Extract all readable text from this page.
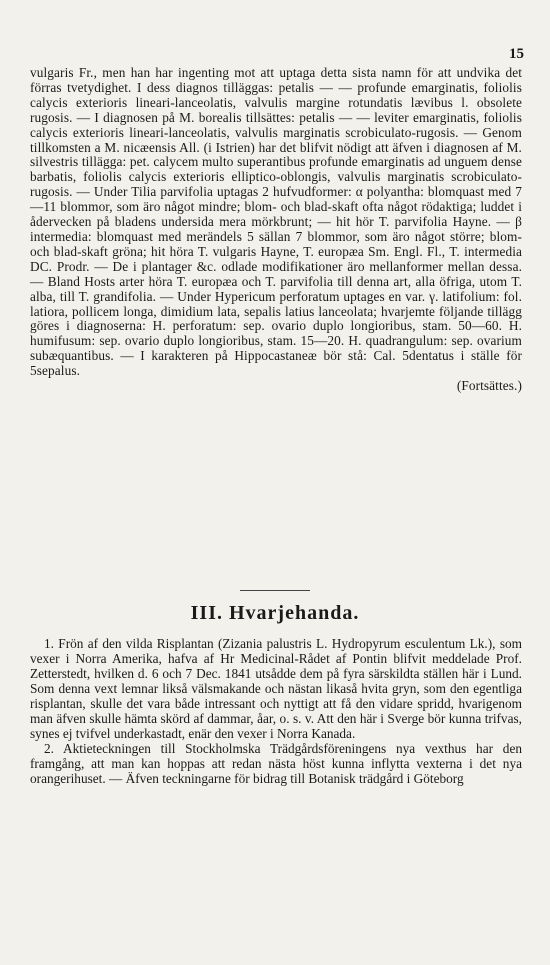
15

vulgaris Fr., men han har ingenting mot att uptaga detta sista namn för att undvika det förras tvetydighet. I dess diagnos tilläggas: petalis — — profunde emarginatis, foliolis calycis exterioris lineari-lanceolatis, valvulis margine rotundatis lævibus l. obsolete rugosis. — I diagnosen på M. borealis tillsättes: petalis — — leviter emarginatis, foliolis calycis exterioris lineari-lanceolatis, valvulis marginatis scrobiculato-rugosis. — Genom tillkomsten a M. nicæensis All. (i Istrien) har det blifvit nödigt att äfven i diagnosen af M. silvestris tillägga: pet. calycem multo superantibus profunde emarginatis ad unguem dense barbatis, foliolis calycis exterioris elliptico-oblongis, valvulis marginatis scrobiculato-rugosis. — Under Tilia parvifolia uptagas 2 hufvudformer: α polyantha: blomquast med 7—11 blommor, som äro något mindre; blom- och blad-skaft ofta något rödaktiga; luddet i ådervecken på bladens undersida mera mörkbrunt; — hit hör T. parvifolia Hayne. — β intermedia: blomquast med merändels 5 sällan 7 blommor, som äro något större; blom- och blad-skaft gröna; hit höra T. vulgaris Hayne, T. europæa Sm. Engl. Fl., T. intermedia DC. Prodr. — De i plantager &c. odlade modifikationer äro mellanformer mellan dessa. — Bland Hosts arter höra T. europæa och T. parvifolia till denna art, alla öfriga, utom T. alba, till T. grandifolia. — Under Hypericum perforatum uptages en var. γ. latifolium: fol. latiora, pollicem longa, dimidium lata, sepalis latius lanceolata; hvarjemte följande tillägg göres i diagnoserna: H. perforatum: sep. ovario duplo longioribus, stam. 50—60. H. humifusum: sep. ovario duplo longioribus, stam. 15—20. H. quadrangulum: sep. ovarium subæquantibus. — I karakteren på Hippocastaneæ bör stå: Cal. 5dentatus i ställe för 5sepalus.

(Fortsättes.)

III. Hvarjehanda.

1. Frön af den vilda Risplantan (Zizania palustris L. Hydropyrum esculentum Lk.), som vexer i Norra Amerika, hafva af Hr Medicinal-Rådet af Pontin blifvit meddelade Prof. Zetterstedt, hvilken d. 6 och 7 Dec. 1841 utsådde dem på fyra särskildta ställen här i Lund. Som denna vext lemnar likså välsmakande och nästan likaså hvita gryn, som den egentliga risplantan, skulle det vara både intressant och nyttigt att få den vidare spridd, hvarigenom man äfven skulle hämta skörd af dammar, åar, o. s. v. Att den här i Sverge bör kunna trifvas, synes ej tvifvel underkastadt, enär den vexer i Norra Kanada.

2. Aktieteckningen till Stockholmska Trädgårdsföreningens nya vexthus har den framgång, att man kan hoppas att redan nästa höst kunna inflytta vexterna i det nya orangerihuset. — Äfven teckningarne för bidrag till Botanisk trädgård i Göteborg
